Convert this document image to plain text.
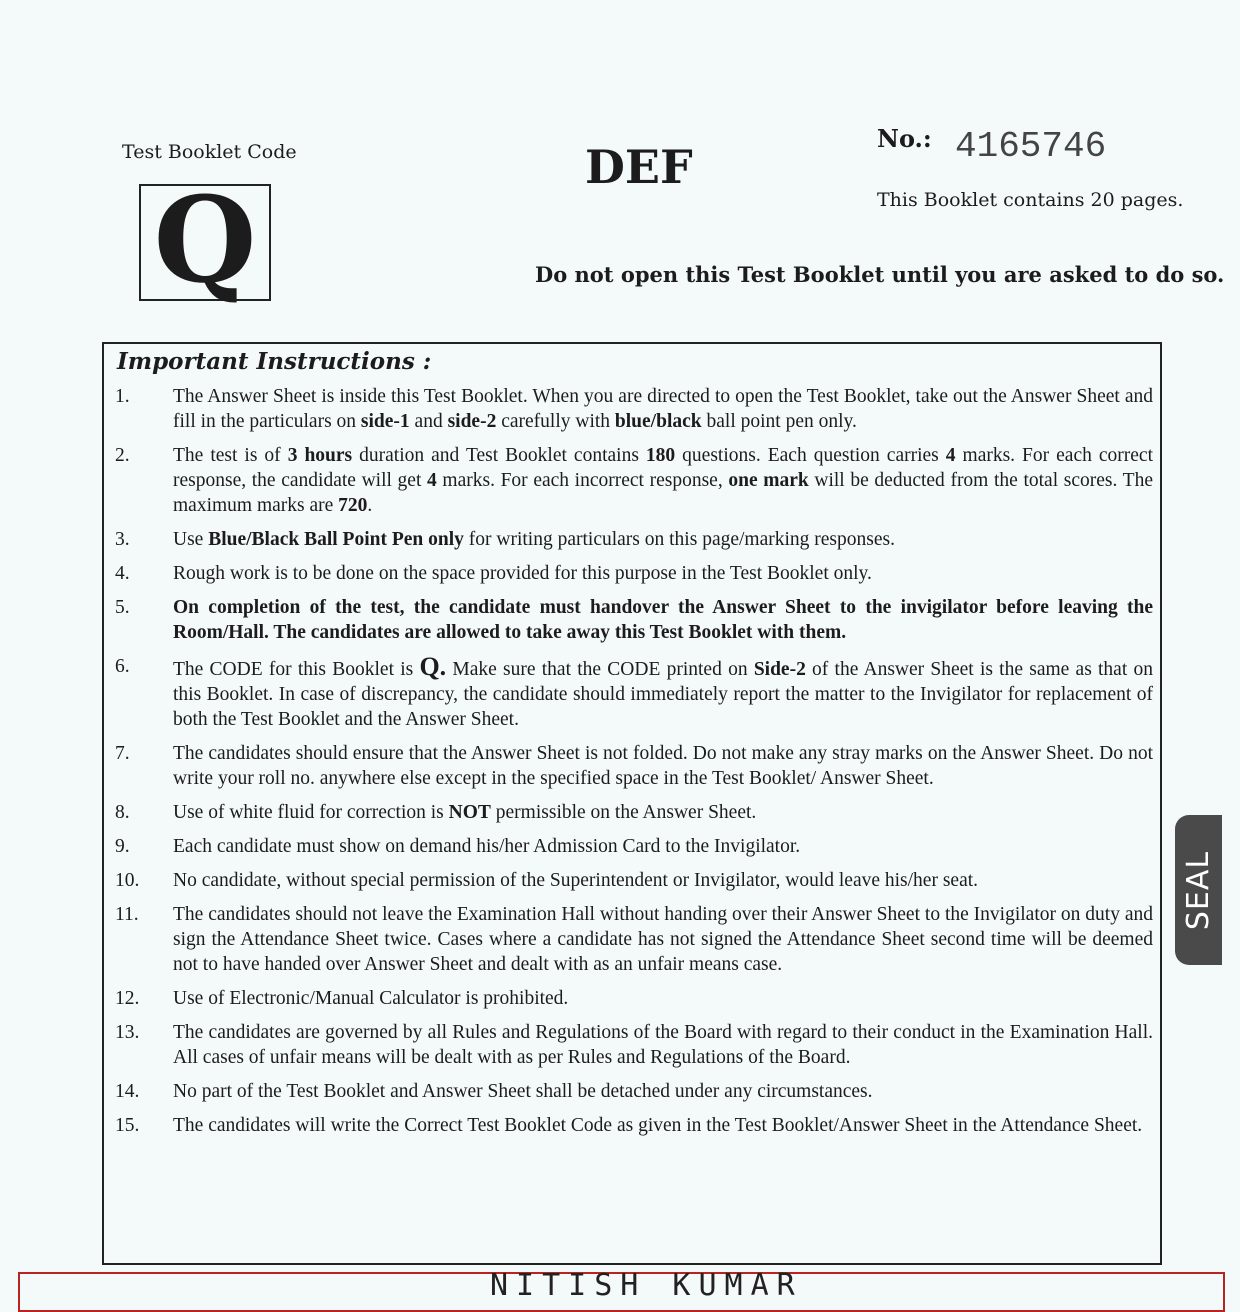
Test Booklet Code
Q
DEF
No.: 4165746
This Booklet contains 20 pages.
Do not open this Test Booklet until you are asked to do so.
Important Instructions :
1.	The Answer Sheet is inside this Test Booklet. When you are directed to open the Test Booklet, take out the Answer Sheet and fill in the particulars on side-1 and side-2 carefully with blue/black ball point pen only.
2.	The test is of 3 hours duration and Test Booklet contains 180 questions. Each question carries 4 marks. For each correct response, the candidate will get 4 marks. For each incorrect response, one mark will be deducted from the total scores. The maximum marks are 720.
3.	Use Blue/Black Ball Point Pen only for writing particulars on this page/marking responses.
4.	Rough work is to be done on the space provided for this purpose in the Test Booklet only.
5.	On completion of the test, the candidate must handover the Answer Sheet to the invigilator before leaving the Room/Hall. The candidates are allowed to take away this Test Booklet with them.
6.	The CODE for this Booklet is Q. Make sure that the CODE printed on Side-2 of the Answer Sheet is the same as that on this Booklet. In case of discrepancy, the candidate should immediately report the matter to the Invigilator for replacement of both the Test Booklet and the Answer Sheet.
7.	The candidates should ensure that the Answer Sheet is not folded. Do not make any stray marks on the Answer Sheet. Do not write your roll no. anywhere else except in the specified space in the Test Booklet/ Answer Sheet.
8.	Use of white fluid for correction is NOT permissible on the Answer Sheet.
9.	Each candidate must show on demand his/her Admission Card to the Invigilator.
10.	No candidate, without special permission of the Superintendent or Invigilator, would leave his/her seat.
11.	The candidates should not leave the Examination Hall without handing over their Answer Sheet to the Invigilator on duty and sign the Attendance Sheet twice. Cases where a candidate has not signed the Attendance Sheet second time will be deemed not to have handed over Answer Sheet and dealt with as an unfair means case.
12.	Use of Electronic/Manual Calculator is prohibited.
13.	The candidates are governed by all Rules and Regulations of the Board with regard to their conduct in the Examination Hall. All cases of unfair means will be dealt with as per Rules and Regulations of the Board.
14.	No part of the Test Booklet and Answer Sheet shall be detached under any circumstances.
15.	The candidates will write the Correct Test Booklet Code as given in the Test Booklet/Answer Sheet in the Attendance Sheet.
SEAL
NITISH KUMAR
